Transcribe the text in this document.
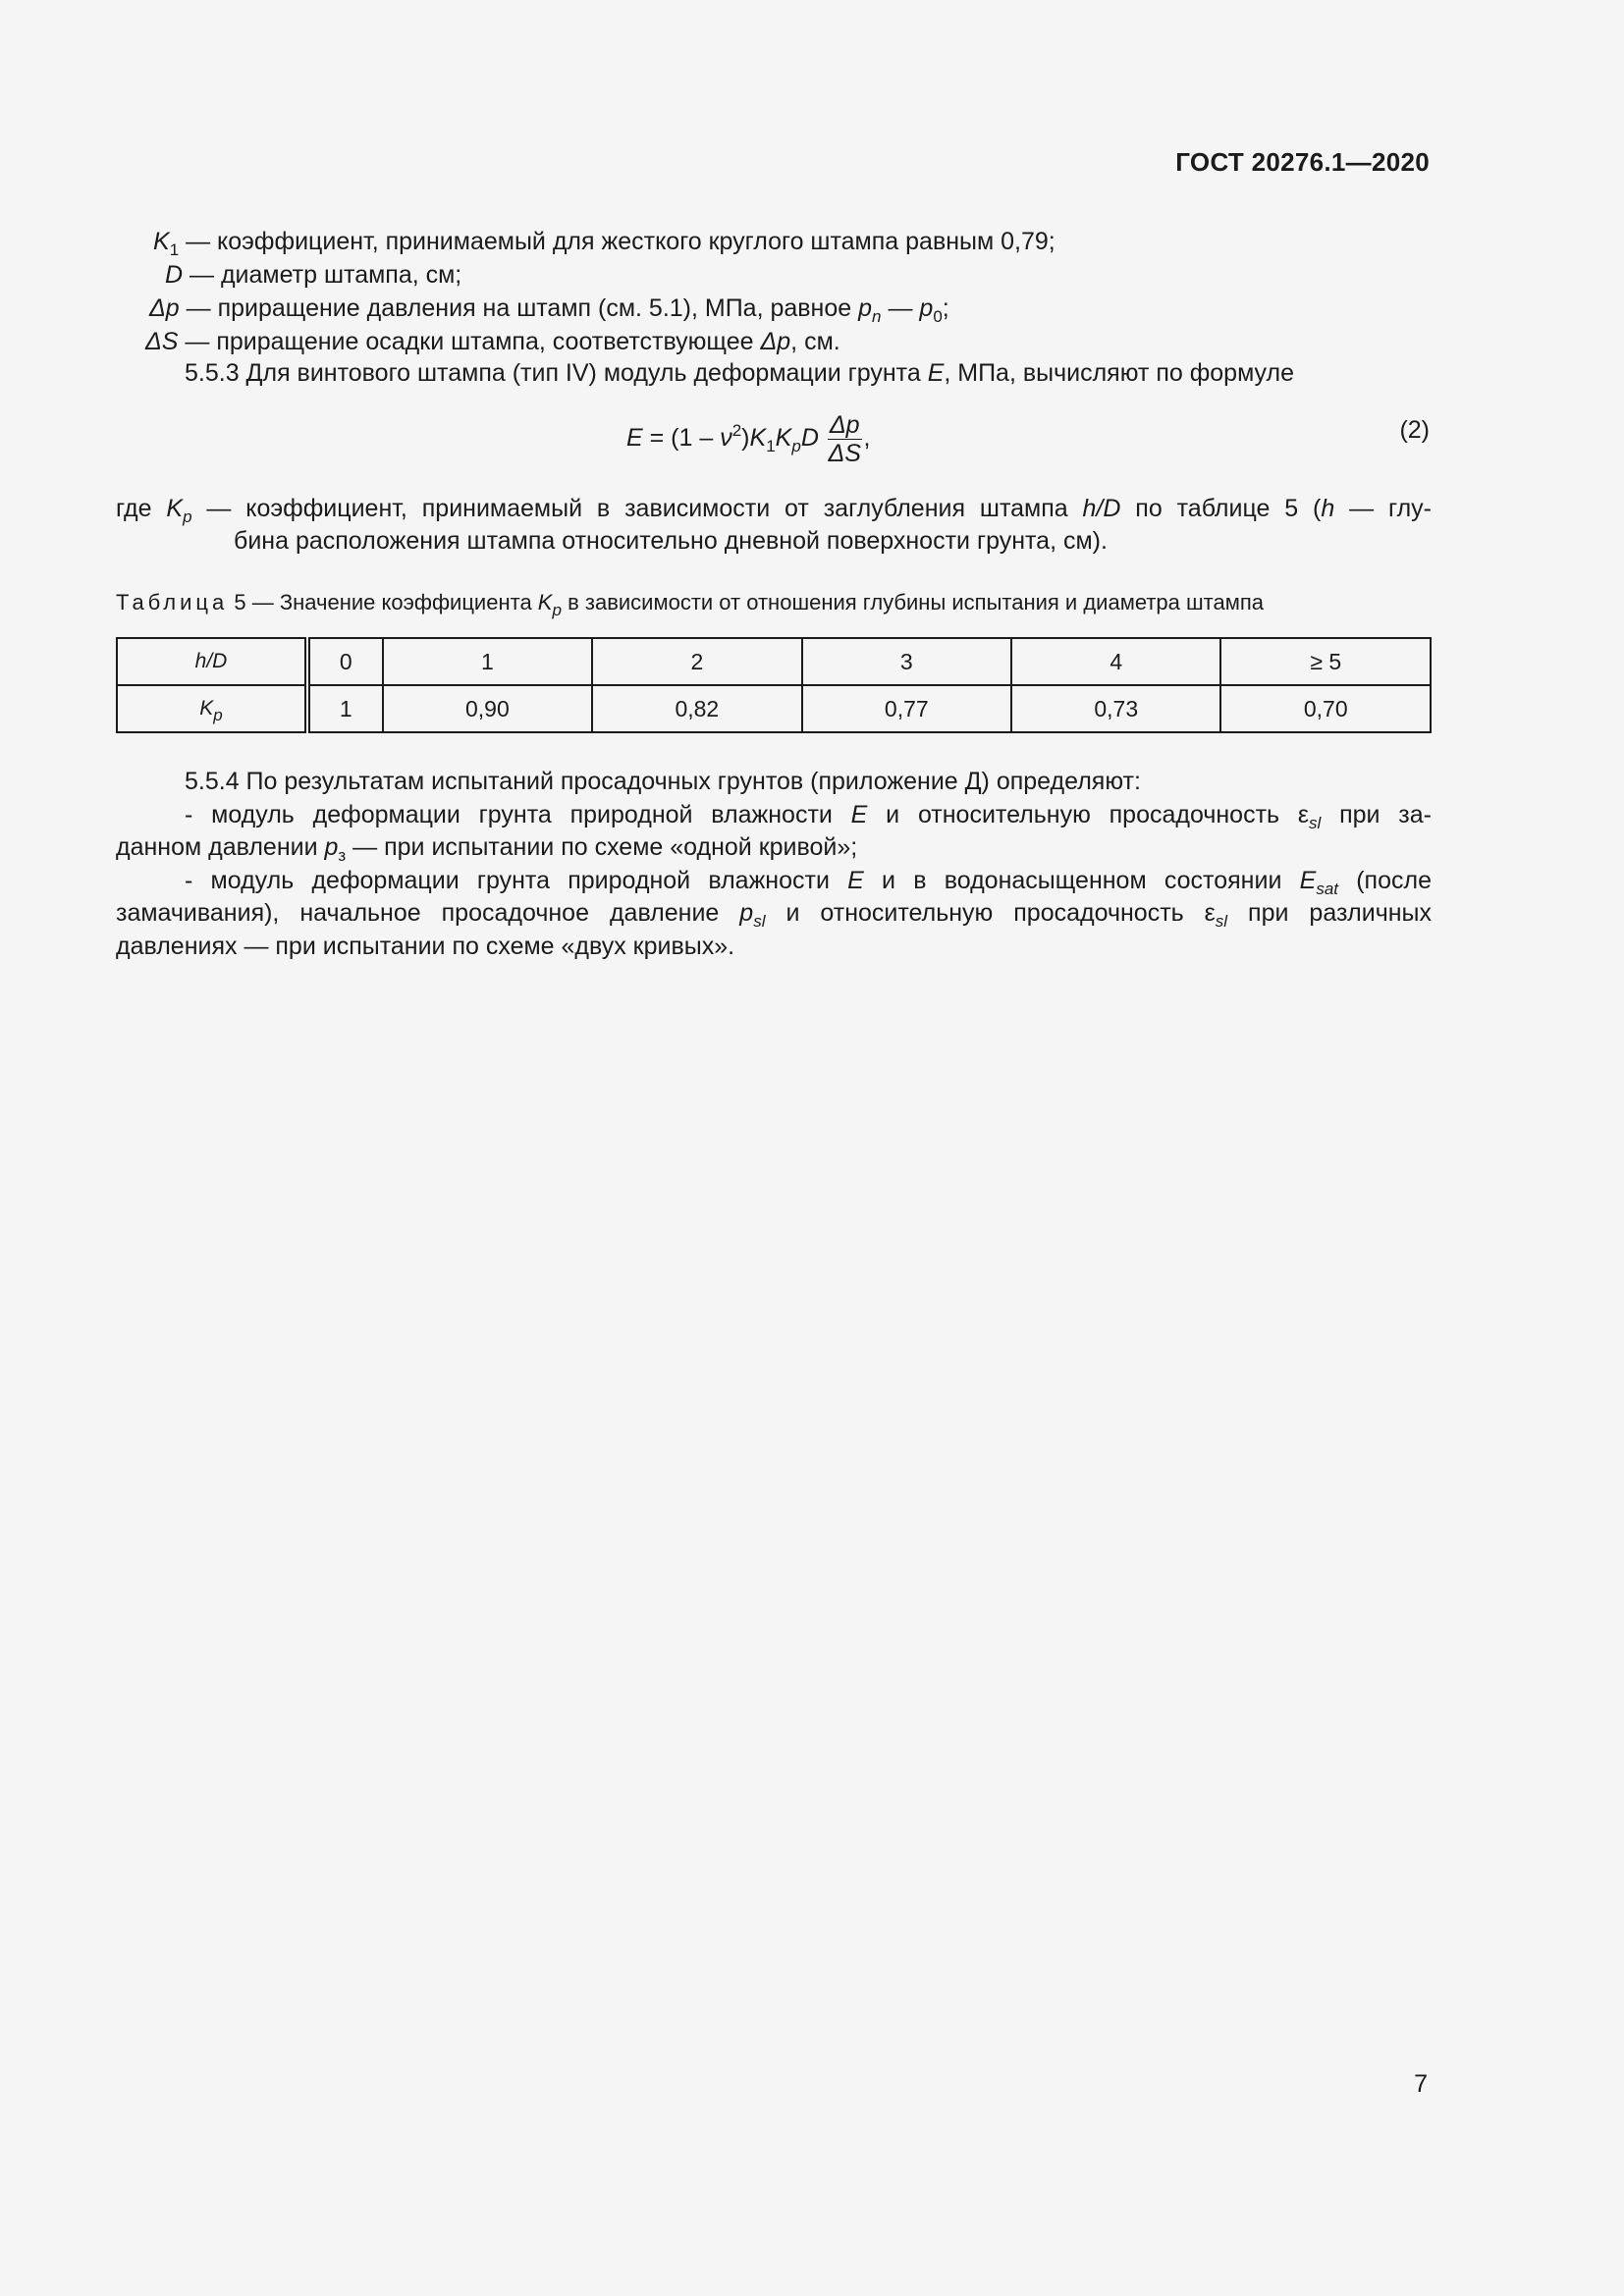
ГОСТ 20276.1—2020
$K_1$ — коэффициент, принимаемый для жесткого круглого штампа равным 0,79;
D — диаметр штампа, см;
Δp — приращение давления на штамп (см. 5.1), МПа, равное $p_n$ — $p_0$;
ΔS — приращение осадки штампа, соответствующее Δp, см.
5.5.3 Для винтового штампа (тип IV) модуль деформации грунта E, МПа, вычисляют по формуле
$E = (1 - \nu^2)K_1K_pD \frac{\Delta p}{\Delta S}$ ,	(2)
где $K_p$ — коэффициент, принимаемый в зависимости от заглубления штампа h/D по таблице 5 (h — глу-
бина расположения штампа относительно дневной поверхности грунта, см).
Таблица 5 — Значение коэффициента $K_p$ в зависимости от отношения глубины испытания и диаметра штампа
h/D	0	1	2	3	4	≥ 5
$K_p$	1	0,90	0,82	0,77	0,73	0,70
5.5.4 По результатам испытаний просадочных грунтов (приложение Д) определяют:
- модуль деформации грунта природной влажности E и относительную просадочность $\varepsilon_{sl}$ при за-
данном давлении $p_з$ — при испытании по схеме «одной кривой»;
- модуль деформации грунта природной влажности E и в водонасыщенном состоянии $E_{sat}$ (после
замачивания), начальное просадочное давление $p_{sl}$ и относительную просадочность $\varepsilon_{sl}$ при различных
давлениях — при испытании по схеме «двух кривых».
7
